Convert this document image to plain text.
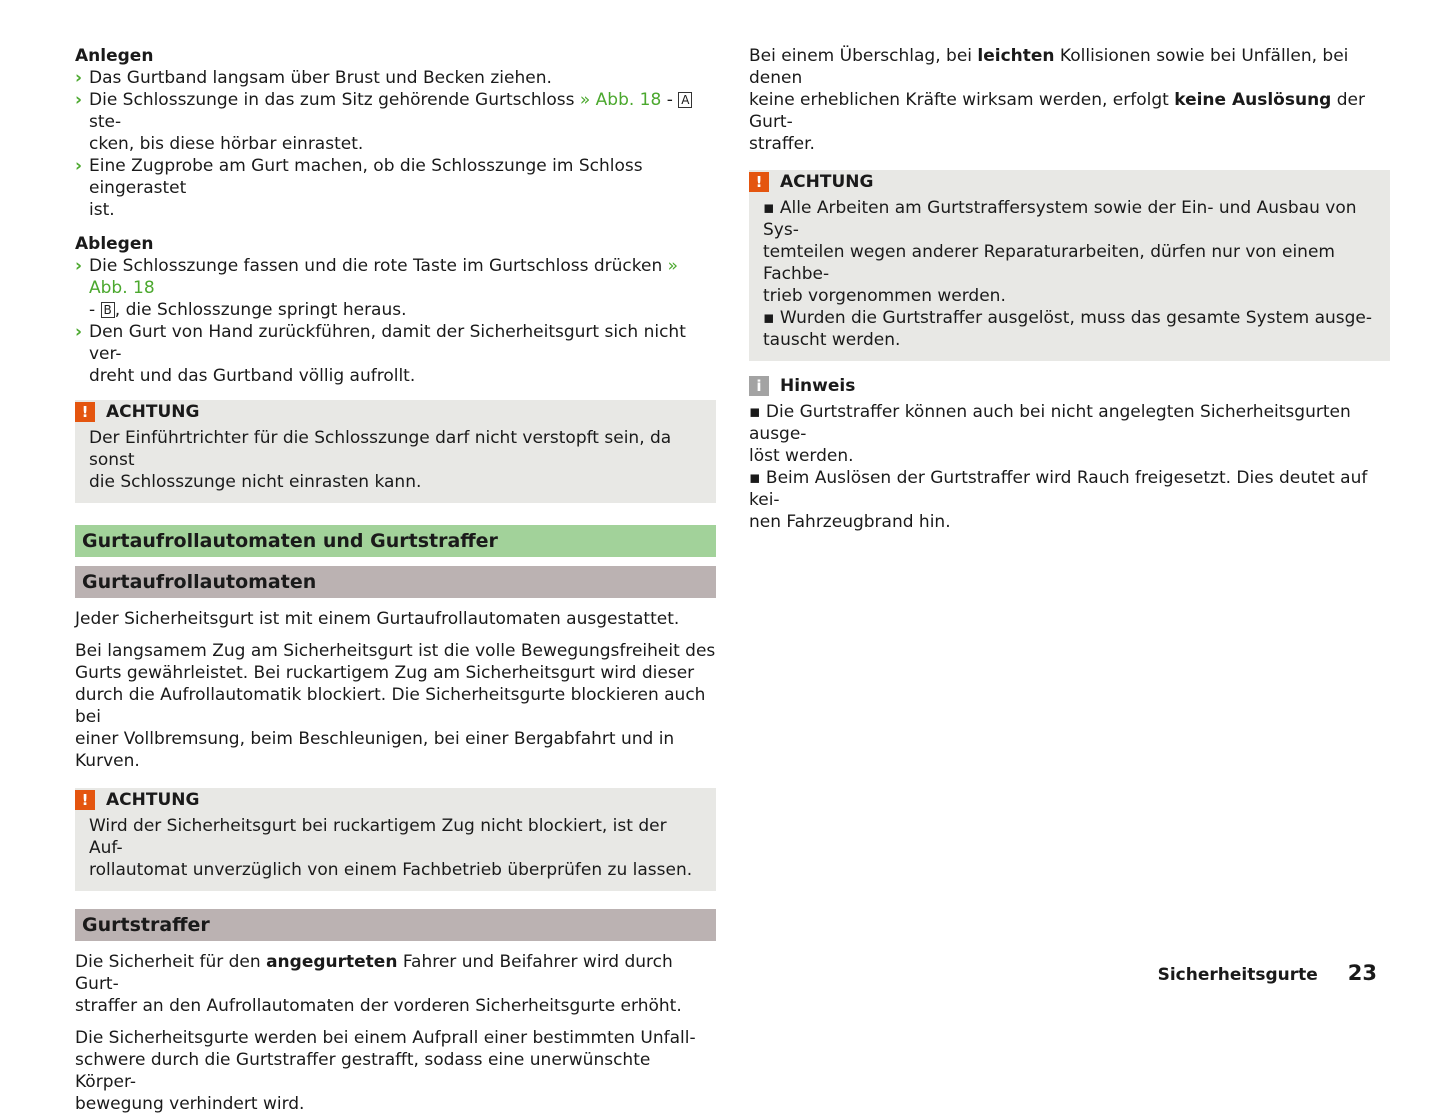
Anlegen

› Das Gurtband langsam über Brust und Becken ziehen.

› Die Schlosszunge in das zum Sitz gehörende Gurtschloss » Abb. 18 - A ste-
cken, bis diese hörbar einrastet.

› Eine Zugprobe am Gurt machen, ob die Schlosszunge im Schloss eingerastet
ist.

Ablegen

› Die Schlosszunge fassen und die rote Taste im Gurtschloss drücken » Abb. 18
- B , die Schlosszunge springt heraus.

› Den Gurt von Hand zurückführen, damit der Sicherheitsgurt sich nicht ver-
dreht und das Gurtband völlig aufrollt.

!	ACHTUNG

Der Einführtrichter für die Schlosszunge darf nicht verstopft sein, da sonst
die Schlosszunge nicht einrasten kann.

Gurtaufrollautomaten und Gurtstraffer
Gurtaufrollautomaten

Jeder Sicherheitsgurt ist mit einem Gurtaufrollautomaten ausgestattet.

Bei langsamem Zug am Sicherheitsgurt ist die volle Bewegungsfreiheit des
Gurts gewährleistet. Bei ruckartigem Zug am Sicherheitsgurt wird dieser
durch die Aufrollautomatik blockiert. Die Sicherheitsgurte blockieren auch bei
einer Vollbremsung, beim Beschleunigen, bei einer Bergabfahrt und in Kurven.

!	ACHTUNG

Wird der Sicherheitsgurt bei ruckartigem Zug nicht blockiert, ist der Auf-
rollautomat unverzüglich von einem Fachbetrieb überprüfen zu lassen.

Gurtstraffer

Die Sicherheit für den angegurteten Fahrer und Beifahrer wird durch Gurt-
straffer an den Aufrollautomaten der vorderen Sicherheitsgurte erhöht.

Die Sicherheitsgurte werden bei einem Aufprall einer bestimmten Unfall-
schwere durch die Gurtstraffer gestrafft, sodass eine unerwünschte Körper-
bewegung verhindert wird.

Bei einem Überschlag, bei leichten Kollisionen sowie bei Unfällen, bei denen
keine erheblichen Kräfte wirksam werden, erfolgt keine Auslösung der Gurt-
straffer.

!	ACHTUNG

▪ Alle Arbeiten am Gurtstraffersystem sowie der Ein- und Ausbau von Sys-
temteilen wegen anderer Reparaturarbeiten, dürfen nur von einem Fachbe-
trieb vorgenommen werden.
▪ Wurden die Gurtstraffer ausgelöst, muss das gesamte System ausge-
tauscht werden.

i	Hinweis

▪ Die Gurtstraffer können auch bei nicht angelegten Sicherheitsgurten ausge-
löst werden.
▪ Beim Auslösen der Gurtstraffer wird Rauch freigesetzt. Dies deutet auf kei-
nen Fahrzeugbrand hin.

Sicherheitsgurte 23
